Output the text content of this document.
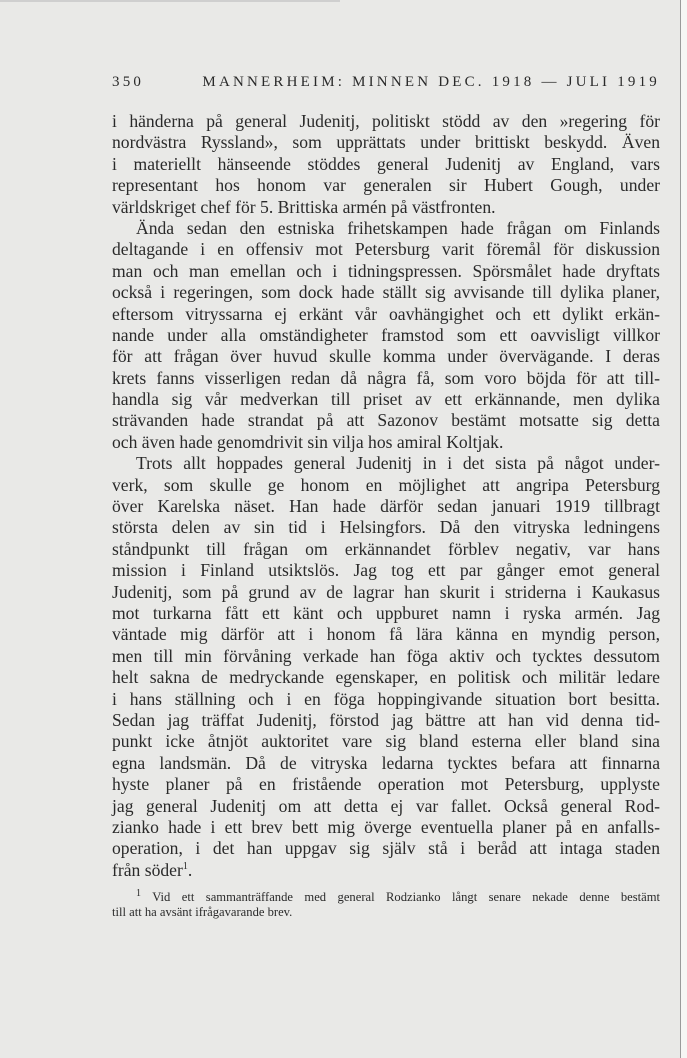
350	MANNERHEIM: MINNEN DEC. 1918 — JULI 1919
i händerna på general Judenitj, politiskt stödd av den »regering för
nordvästra Ryssland», som upprättats under brittiskt beskydd. Även
i materiellt hänseende stöddes general Judenitj av England, vars
representant hos honom var generalen sir Hubert Gough, under
världskriget chef för 5. Brittiska armén på västfronten.
Ända sedan den estniska frihetskampen hade frågan om Finlands
deltagande i en offensiv mot Petersburg varit föremål för diskussion
man och man emellan och i tidningspressen. Spörsmålet hade dryftats
också i regeringen, som dock hade ställt sig avvisande till dylika planer,
eftersom vitryssarna ej erkänt vår oavhängighet och ett dylikt erkän-
nande under alla omständigheter framstod som ett oavvisligt villkor
för att frågan över huvud skulle komma under övervägande. I deras
krets fanns visserligen redan då några få, som voro böjda för att till-
handla sig vår medverkan till priset av ett erkännande, men dylika
strävanden hade strandat på att Sazonov bestämt motsatte sig detta
och även hade genomdrivit sin vilja hos amiral Koltjak.
Trots allt hoppades general Judenitj in i det sista på något under-
verk, som skulle ge honom en möjlighet att angripa Petersburg
över Karelska näset. Han hade därför sedan januari 1919 tillbragt
största delen av sin tid i Helsingfors. Då den vitryska ledningens
ståndpunkt till frågan om erkännandet förblev negativ, var hans
mission i Finland utsiktslös. Jag tog ett par gånger emot general
Judenitj, som på grund av de lagrar han skurit i striderna i Kaukasus
mot turkarna fått ett känt och uppburet namn i ryska armén. Jag
väntade mig därför att i honom få lära känna en myndig person,
men till min förvåning verkade han föga aktiv och tycktes dessutom
helt sakna de medryckande egenskaper, en politisk och militär ledare
i hans ställning och i en föga hoppingivande situation bort besitta.
Sedan jag träffat Judenitj, förstod jag bättre att han vid denna tid-
punkt icke åtnjöt auktoritet vare sig bland esterna eller bland sina
egna landsmän. Då de vitryska ledarna tycktes befara att finnarna
hyste planer på en fristående operation mot Petersburg, upplyste
jag general Judenitj om att detta ej var fallet. Också general Rod-
zianko hade i ett brev bett mig överge eventuella planer på en anfalls-
operation, i det han uppgav sig själv stå i beråd att intaga staden
från söder$^1$.
$^1$ Vid ett sammanträffande med general Rodzianko långt senare nekade denne bestämt
till att ha avsänt ifrågavarande brev.
